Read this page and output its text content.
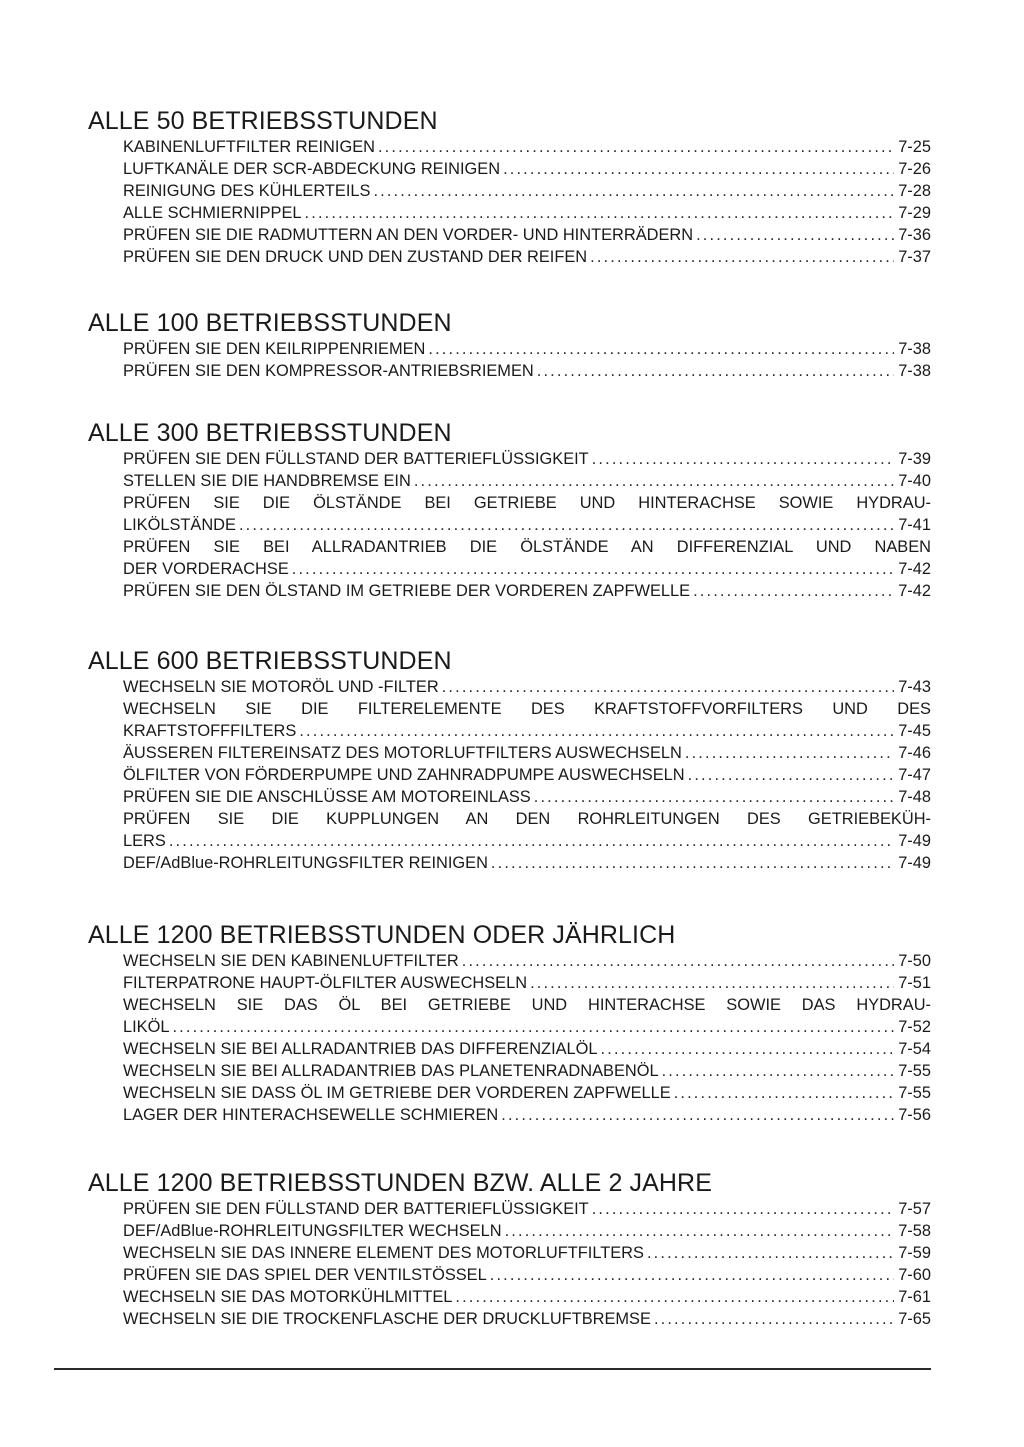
ALLE 50 BETRIEBSSTUNDEN
KABINENLUFTFILTER REINIGEN . . .	7-25
LUFTKANÄLE DER SCR-ABDECKUNG REINIGEN . . .	7-26
REINIGUNG DES KÜHLERTEILS . . .	7-28
ALLE SCHMIERNIPPEL . . .	7-29
PRÜFEN SIE DIE RADMUTTERN AN DEN VORDER- UND HINTERRÄDERN . . .	7-36
PRÜFEN SIE DEN DRUCK UND DEN ZUSTAND DER REIFEN . . .	7-37
ALLE 100 BETRIEBSSTUNDEN
PRÜFEN SIE DEN KEILRIPPENRIEMEN . . .	7-38
PRÜFEN SIE DEN KOMPRESSOR-ANTRIEBSRIEMEN . . .	7-38
ALLE 300 BETRIEBSSTUNDEN
PRÜFEN SIE DEN FÜLLSTAND DER BATTERIEFLÜSSIGKEIT . . .	7-39
STELLEN SIE DIE HANDBREMSE EIN . . .	7-40
PRÜFEN SIE DIE ÖLSTÄNDE BEI GETRIEBE UND HINTERACHSE SOWIE HYDRAU-
LIKÖLSTÄNDE . . .	7-41
PRÜFEN SIE BEI ALLRADANTRIEB DIE ÖLSTÄNDE AN DIFFERENZIAL UND NABEN
DER VORDERACHSE . . .	7-42
PRÜFEN SIE DEN ÖLSTAND IM GETRIEBE DER VORDEREN ZAPFWELLE . . .	7-42
ALLE 600 BETRIEBSSTUNDEN
WECHSELN SIE MOTORÖL UND -FILTER . . .	7-43
WECHSELN SIE DIE FILTERELEMENTE DES KRAFTSTOFFVORFILTERS UND DES
KRAFTSTOFFFILTERS . . .	7-45
ÄUSSEREN FILTEREINSATZ DES MOTORLUFTFILTERS AUSWECHSELN . . .	7-46
ÖLFILTER VON FÖRDERPUMPE UND ZAHNRADPUMPE AUSWECHSELN . . .	7-47
PRÜFEN SIE DIE ANSCHLÜSSE AM MOTOREINLASS . . .	7-48
PRÜFEN SIE DIE KUPPLUNGEN AN DEN ROHRLEITUNGEN DES GETRIEBEKÜH-
LERS . . .	7-49
DEF/AdBlue-ROHRLEITUNGSFILTER REINIGEN . . .	7-49
ALLE 1200 BETRIEBSSTUNDEN ODER JÄHRLICH
WECHSELN SIE DEN KABINENLUFTFILTER . . .	7-50
FILTERPATRONE HAUPT-ÖLFILTER AUSWECHSELN . . .	7-51
WECHSELN SIE DAS ÖL BEI GETRIEBE UND HINTERACHSE SOWIE DAS HYDRAU-
LIKÖL . . .	7-52
WECHSELN SIE BEI ALLRADANTRIEB DAS DIFFERENZIALÖL . . .	7-54
WECHSELN SIE BEI ALLRADANTRIEB DAS PLANETENRADNABENÖL . . .	7-55
WECHSELN SIE DASS ÖL IM GETRIEBE DER VORDEREN ZAPFWELLE . . .	7-55
LAGER DER HINTERACHSEWELLE SCHMIEREN . . .	7-56
ALLE 1200 BETRIEBSSTUNDEN BZW. ALLE 2 JAHRE
PRÜFEN SIE DEN FÜLLSTAND DER BATTERIEFLÜSSIGKEIT . . .	7-57
DEF/AdBlue-ROHRLEITUNGSFILTER WECHSELN . . .	7-58
WECHSELN SIE DAS INNERE ELEMENT DES MOTORLUFTFILTERS . . .	7-59
PRÜFEN SIE DAS SPIEL DER VENTILSTÖSSEL . . .	7-60
WECHSELN SIE DAS MOTORKÜHLMITTEL . . .	7-61
WECHSELN SIE DIE TROCKENFLASCHE DER DRUCKLUFTBREMSE . . .	7-65
